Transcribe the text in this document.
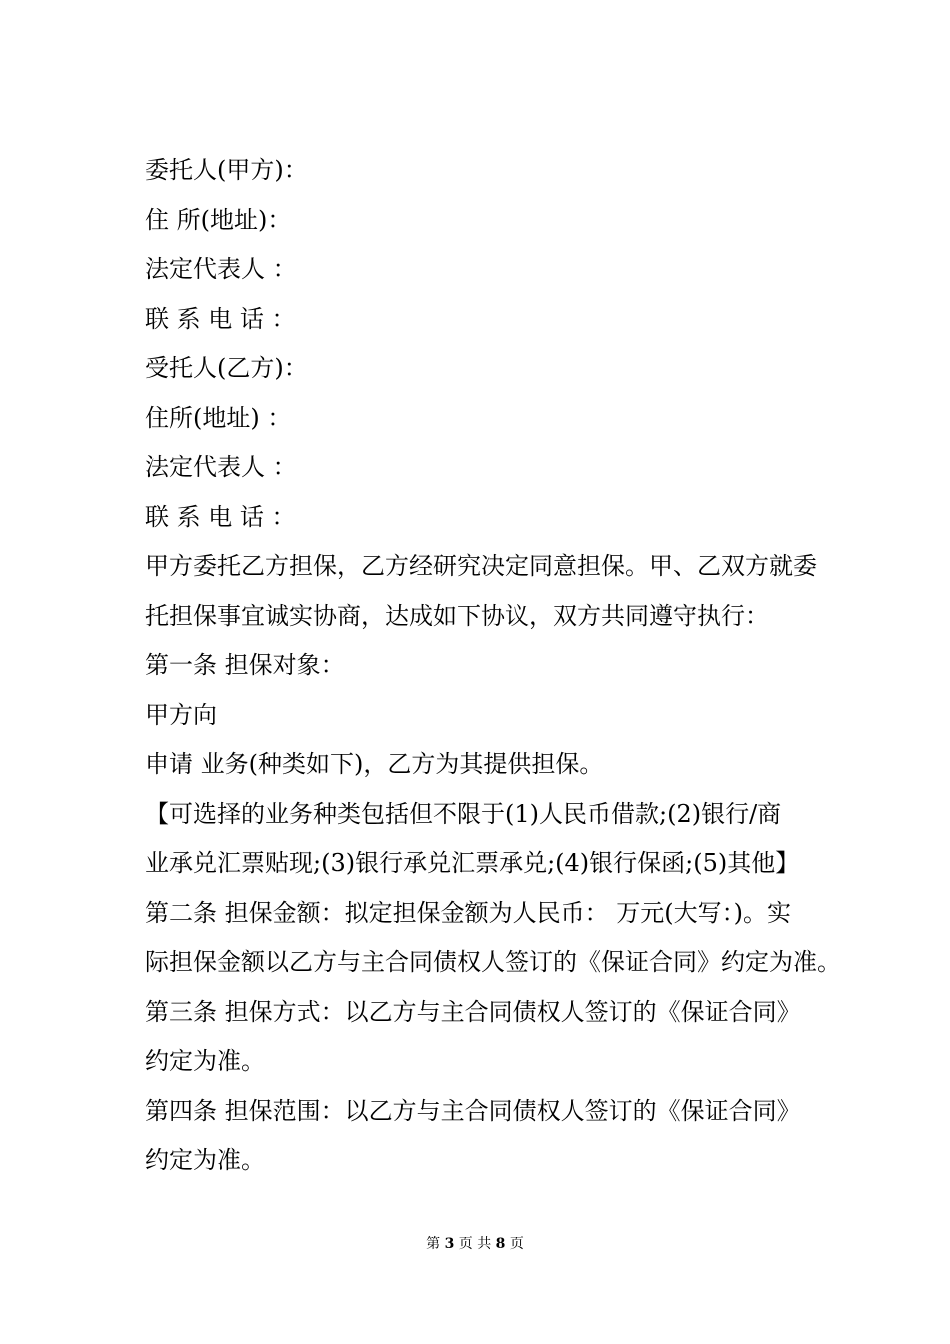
委托人(甲方)：
住 所(地址)：
法定代表人 ：
联 系 电 话 ：
受托人(乙方)：
住所(地址) ：
法定代表人 ：
联 系 电 话 ：
甲方委托乙方担保，乙方经研究决定同意担保。甲、乙双方就委
托担保事宜诚实协商，达成如下协议，双方共同遵守执行：
第一条 担保对象：
甲方向
申请 业务(种类如下)，乙方为其提供担保。
【可选择的业务种类包括但不限于(1)人民币借款;(2)银行/商
业承兑汇票贴现;(3)银行承兑汇票承兑;(4)银行保函;(5)其他】
第二条 担保金额：拟定担保金额为人民币： 万元(大写：)。实
际担保金额以乙方与主合同债权人签订的《保证合同》约定为准。
第三条 担保方式：以乙方与主合同债权人签订的《保证合同》
约定为准。
第四条 担保范围：以乙方与主合同债权人签订的《保证合同》
约定为准。
第 3 页 共 8 页
